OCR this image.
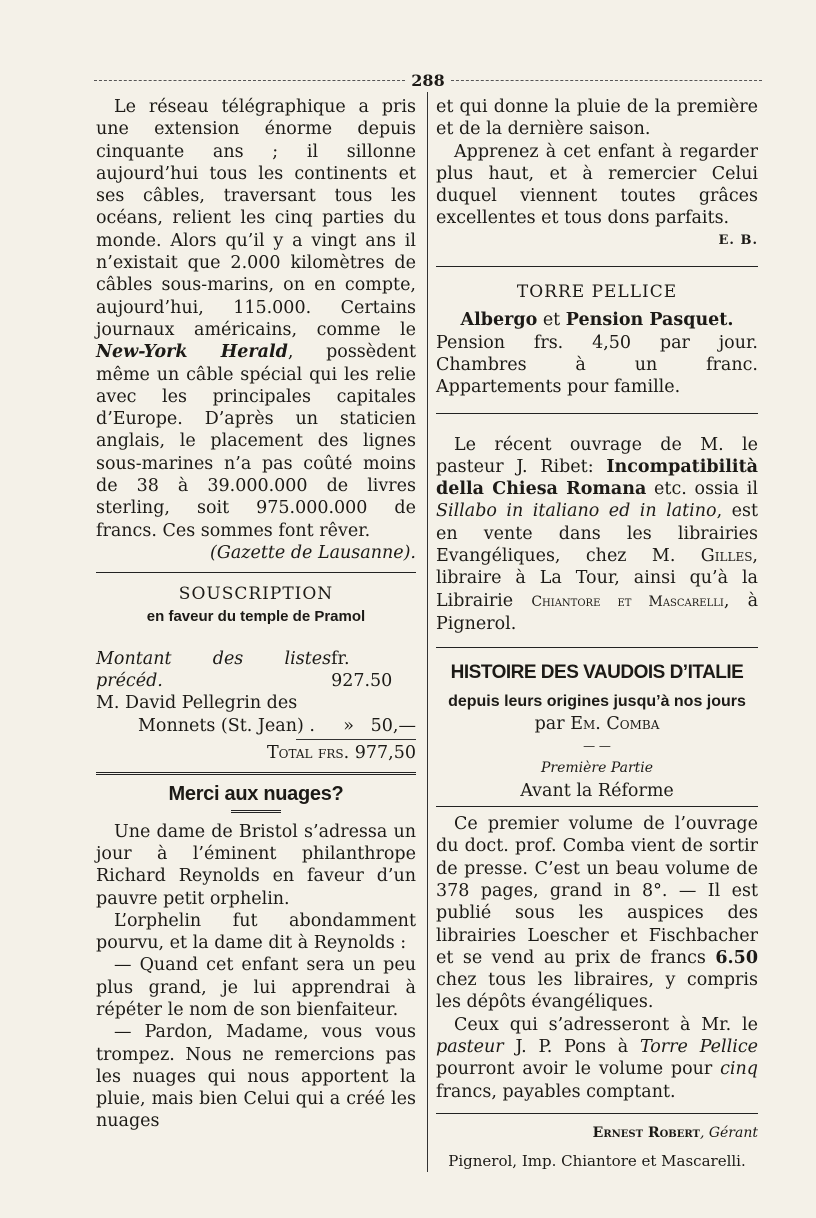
288

Le réseau télégraphique a pris une extension énorme depuis cinquante ans ; il sillonne aujourd’hui tous les continents et ses câbles, traversant tous les océans, relient les cinq parties du monde. Alors qu’il y a vingt ans il n’existait que 2.000 kilomètres de câbles sous-marins, on en compte, aujourd’hui, 115.000. Certains journaux américains, comme le New-York Herald, possèdent même un câble spécial qui les relie avec les principales capitales d’Europe. D’après un staticien anglais, le placement des lignes sous-marines n’a pas coûté moins de 38 à 39.000.000 de livres sterling, soit 975.000.000 de francs. Ces sommes font rêver.

(Gazette de Lausanne).
SOUSCRIPTION
en faveur du temple de Pramol
Montant des listes précéd.
fr. 927.50
M. David Pellegrin des
Monnets (St. Jean) . » 50,—
Total frs. 977,50
Merci aux nuages?

Une dame de Bristol s’adressa un jour à l’éminent philanthrope Richard Reynolds en faveur d’un pauvre petit orphelin.

L’orphelin fut abondamment pourvu, et la dame dit à Reynolds :

— Quand cet enfant sera un peu plus grand, je lui apprendrai à répéter le nom de son bienfaiteur.

— Pardon, Madame, vous vous trompez. Nous ne remercions pas les nuages qui nous apportent la pluie, mais bien Celui qui a créé les nuages

et qui donne la pluie de la première et de la dernière saison.

Apprenez à cet enfant à regarder plus haut, et à remercier Celui duquel viennent toutes grâces excellentes et tous dons parfaits.

E. B.
TORRE PELLICE
Albergo et Pension Pasquet.

Pension frs. 4,50 par jour. Chambres à un franc. Appartements pour famille.

Le récent ouvrage de M. le pasteur J. Ribet: Incompatibilità della Chiesa Romana etc. ossia il Sillabo in italiano ed in latino, est en vente dans les librairies Evangéliques, chez M. Gilles, libraire à La Tour, ainsi qu’à la Librairie Chiantore et Mascarelli, à Pignerol.

HISTOIRE DES VAUDOIS D’ITALIE
depuis leurs origines jusqu’à nos jours
par Em. Comba
— —
Première Partie
Avant la Réforme

Ce premier volume de l’ouvrage du doct. prof. Comba vient de sortir de presse. C’est un beau volume de 378 pages, grand in 8°. — Il est publié sous les auspices des librairies Loescher et Fischbacher et se vend au prix de francs 6.50 chez tous les libraires, y compris les dépôts évangéliques.

Ceux qui s’adresseront à Mr. le pasteur J. P. Pons à Torre Pellice pourront avoir le volume pour cinq francs, payables comptant.

Ernest Robert, Gérant
Pignerol, Imp. Chiantore et Mascarelli.
